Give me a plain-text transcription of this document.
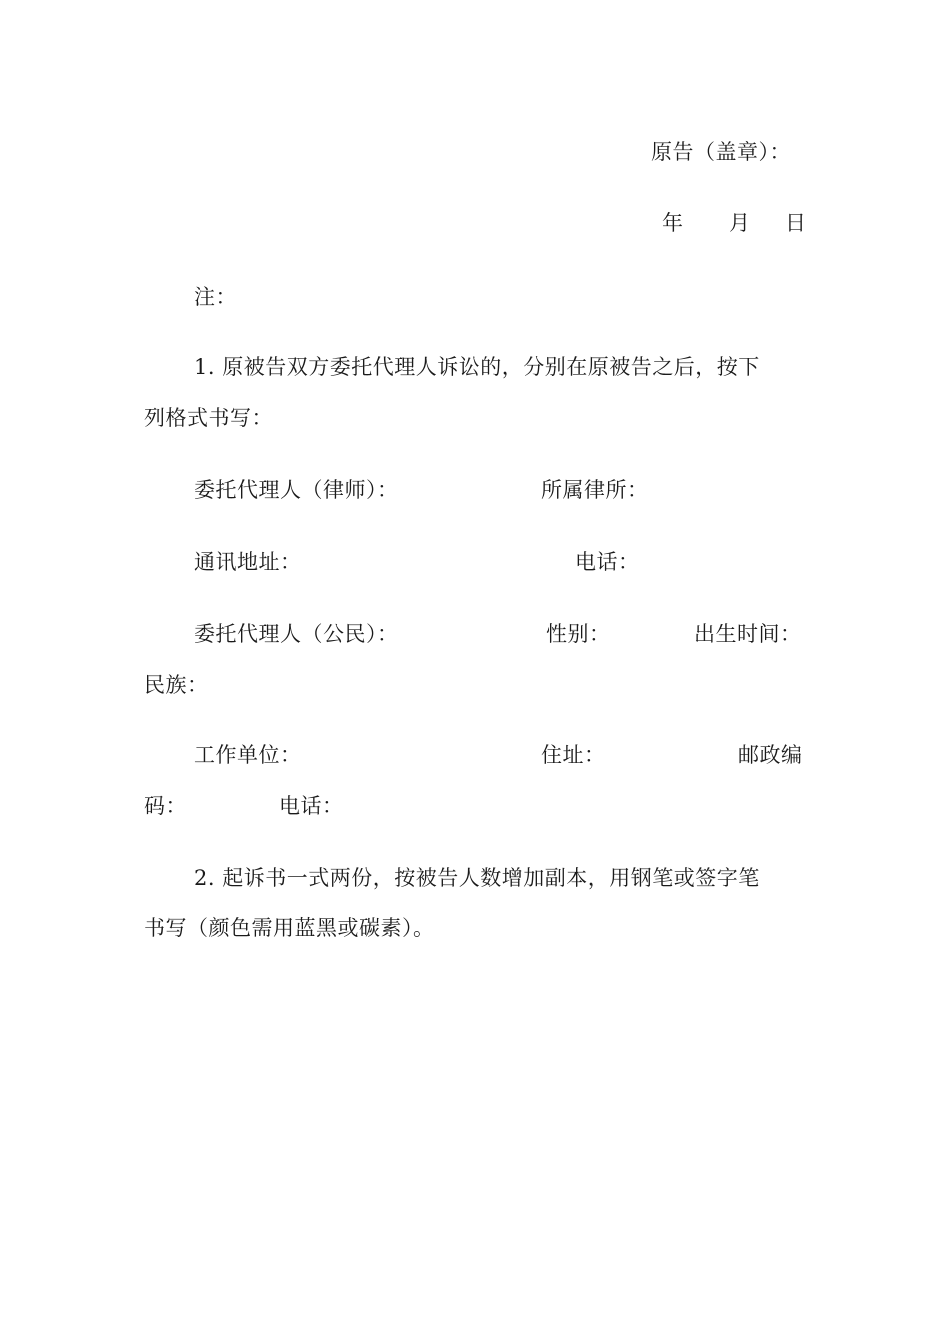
原告（盖章）：
年 月 日
注：
1. 原被告双方委托代理人诉讼的，分别在原被告之后，按下
列格式书写：
委托代理人（律师）：	所属律所：
通讯地址：	电话：
委托代理人（公民）：	性别：	出生时间：
民族：
工作单位：	住址：	邮政编
码：	电话：
2. 起诉书一式两份，按被告人数增加副本，用钢笔或签字笔
书写（颜色需用蓝黑或碳素）。
